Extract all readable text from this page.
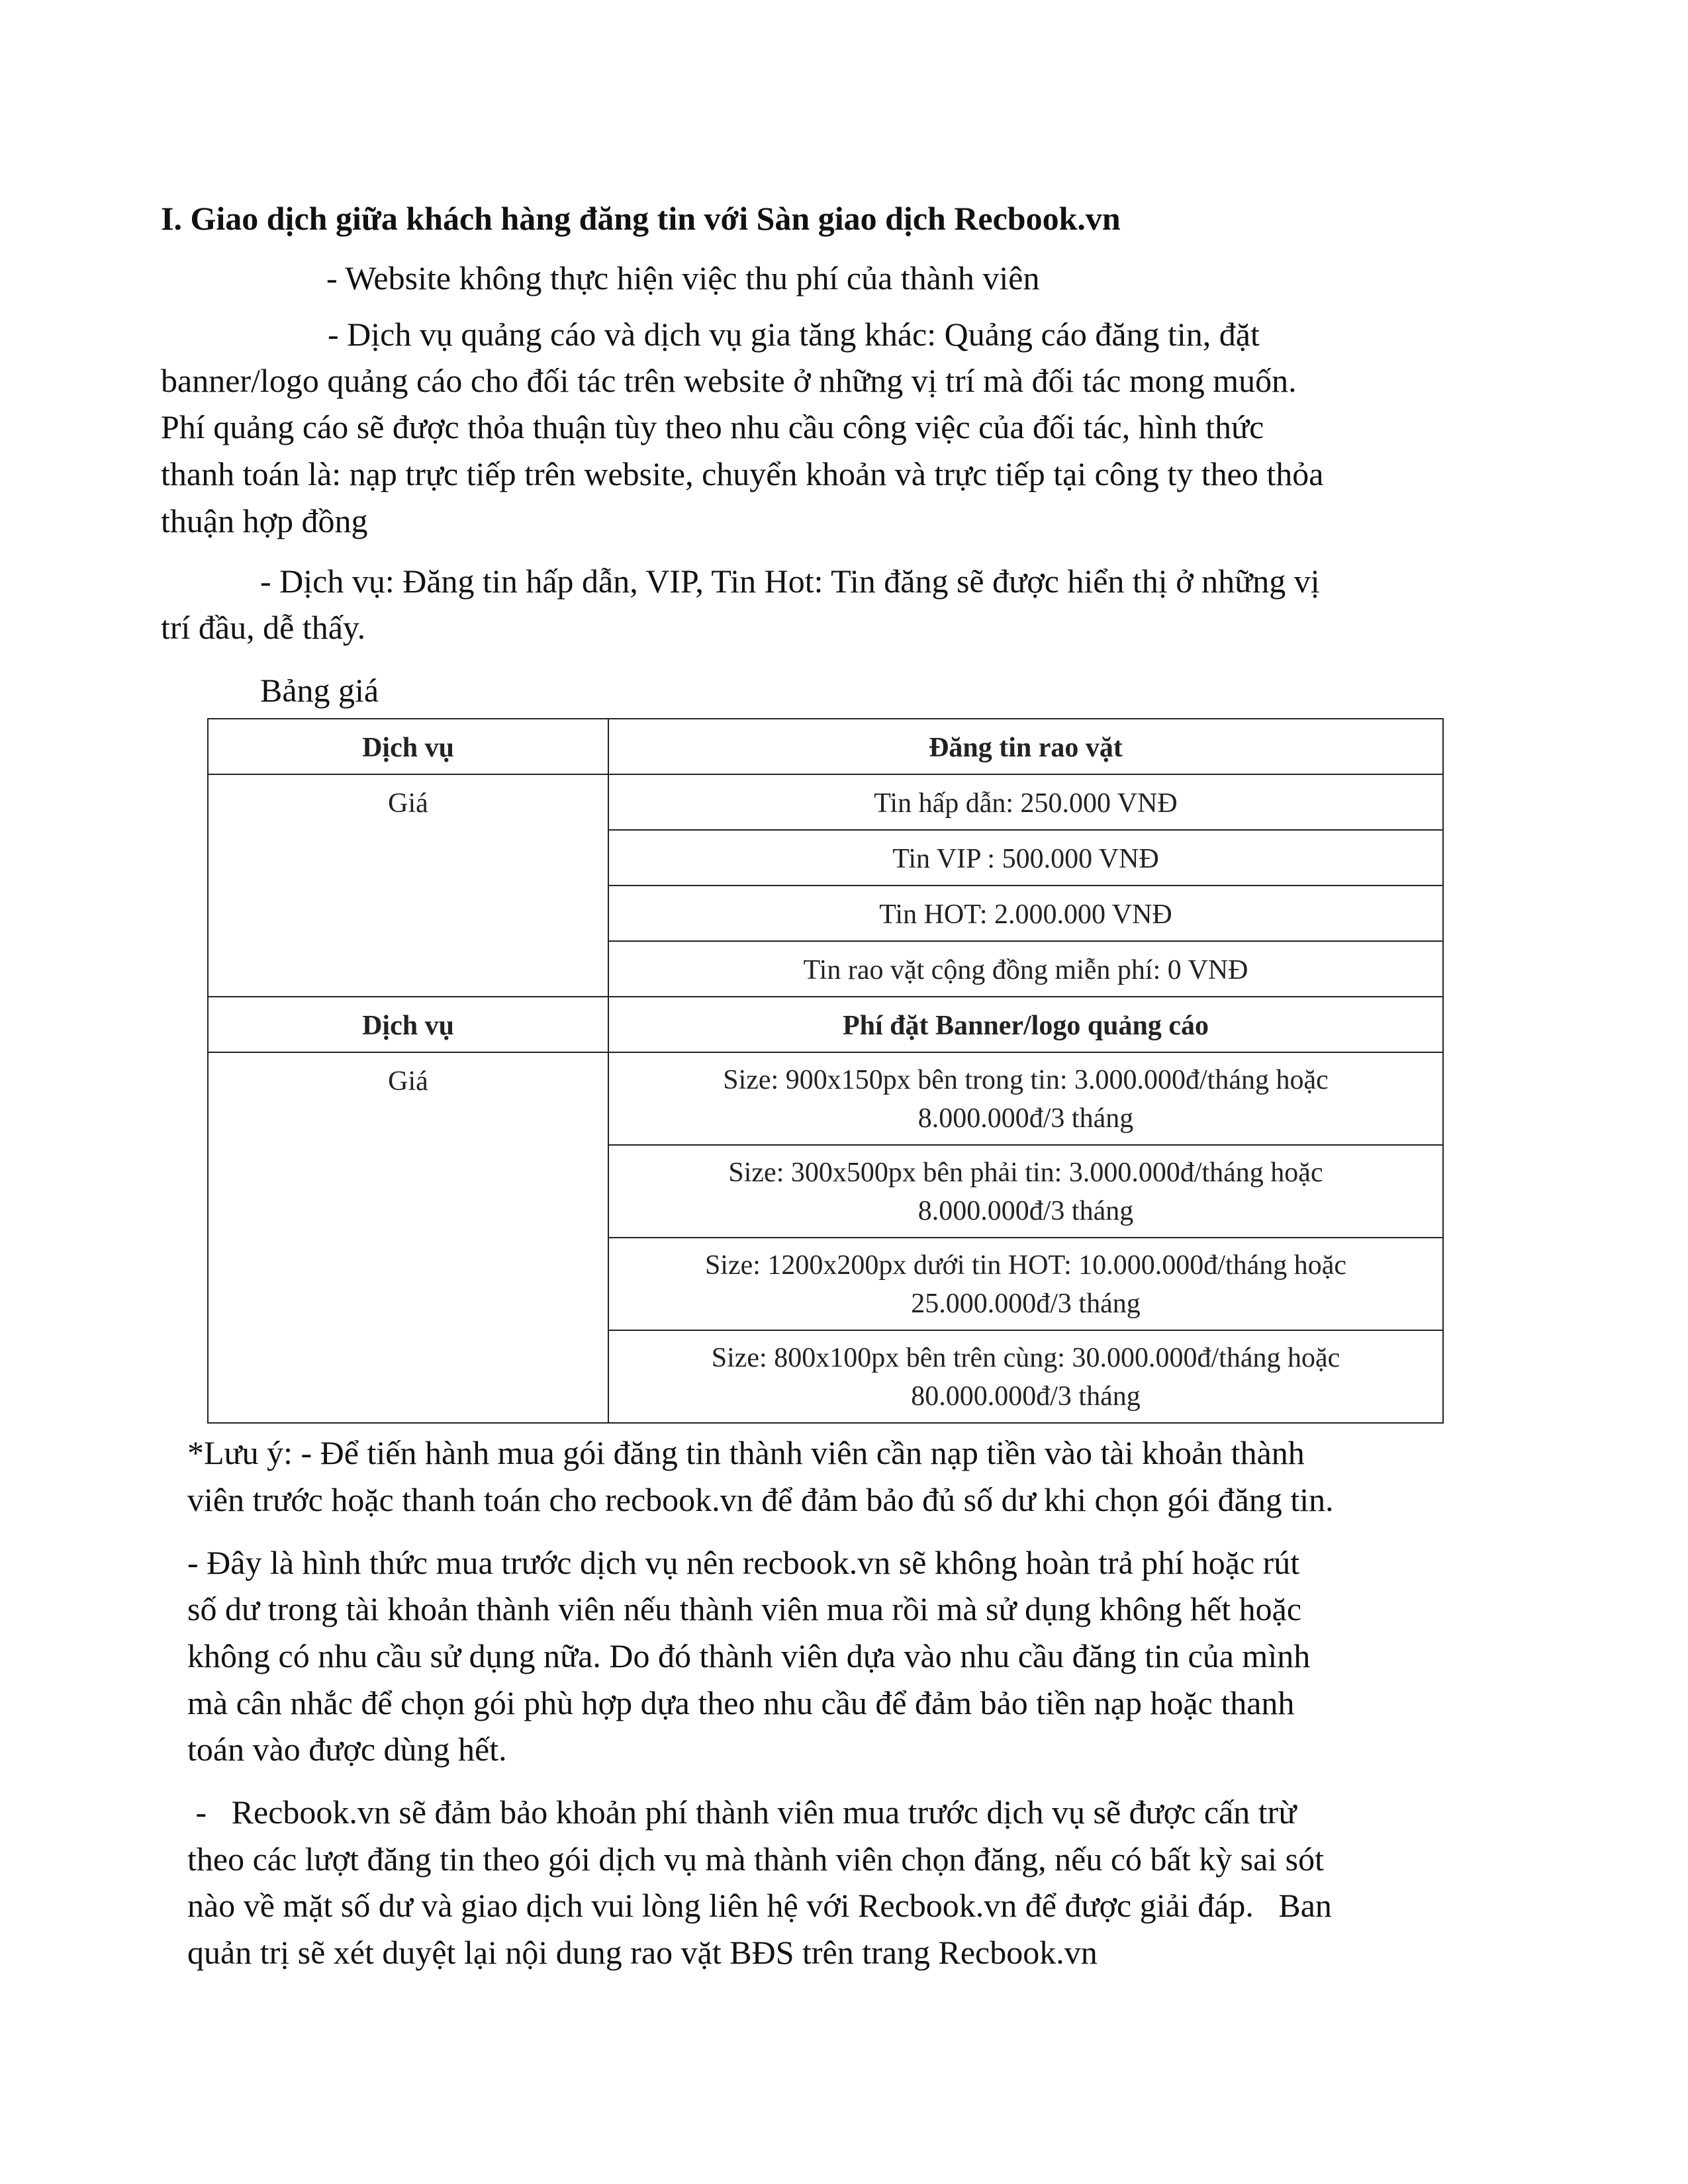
I. Giao dịch giữa khách hàng đăng tin với Sàn giao dịch Recbook.vn
- Website không thực hiện việc thu phí của thành viên
- Dịch vụ quảng cáo và dịch vụ gia tăng khác: Quảng cáo đăng tin, đặt
banner/logo quảng cáo cho đối tác trên website ở những vị trí mà đối tác mong muốn.
Phí quảng cáo sẽ được thỏa thuận tùy theo nhu cầu công việc của đối tác, hình thức
thanh toán là: nạp trực tiếp trên website, chuyển khoản và trực tiếp tại công ty theo thỏa
thuận hợp đồng
- Dịch vụ: Đăng tin hấp dẫn, VIP, Tin Hot: Tin đăng sẽ được hiển thị ở những vị
trí đầu, dễ thấy.
Bảng giá
Dịch vụ	Đăng tin rao vặt
Giá	Tin hấp dẫn: 250.000 VNĐ
	Tin VIP : 500.000 VNĐ
	Tin HOT: 2.000.000 VNĐ
	Tin rao vặt cộng đồng miễn phí: 0 VNĐ
Dịch vụ	Phí đặt Banner/logo quảng cáo
Giá	Size: 900x150px bên trong tin: 3.000.000đ/tháng hoặc
8.000.000đ/3 tháng

	Size: 300x500px bên phải tin: 3.000.000đ/tháng hoặc
8.000.000đ/3 tháng

	Size: 1200x200px dưới tin HOT: 10.000.000đ/tháng hoặc
25.000.000đ/3 tháng

	Size: 800x100px bên trên cùng: 30.000.000đ/tháng hoặc
80.000.000đ/3 tháng
*Lưu ý: - Để tiến hành mua gói đăng tin thành viên cần nạp tiền vào tài khoản thành
viên trước hoặc thanh toán cho recbook.vn để đảm bảo đủ số dư khi chọn gói đăng tin.
- Đây là hình thức mua trước dịch vụ nên recbook.vn sẽ không hoàn trả phí hoặc rút
số dư trong tài khoản thành viên nếu thành viên mua rồi mà sử dụng không hết hoặc
không có nhu cầu sử dụng nữa. Do đó thành viên dựa vào nhu cầu đăng tin của mình
mà cân nhắc để chọn gói phù hợp dựa theo nhu cầu để đảm bảo tiền nạp hoặc thanh
toán vào được dùng hết.
-   Recbook.vn sẽ đảm bảo khoản phí thành viên mua trước dịch vụ sẽ được cấn trừ
theo các lượt đăng tin theo gói dịch vụ mà thành viên chọn đăng, nếu có bất kỳ sai sót
nào về mặt số dư và giao dịch vui lòng liên hệ với Recbook.vn để được giải đáp.   Ban
quản trị sẽ xét duyệt lại nội dung rao vặt BĐS trên trang Recbook.vn
